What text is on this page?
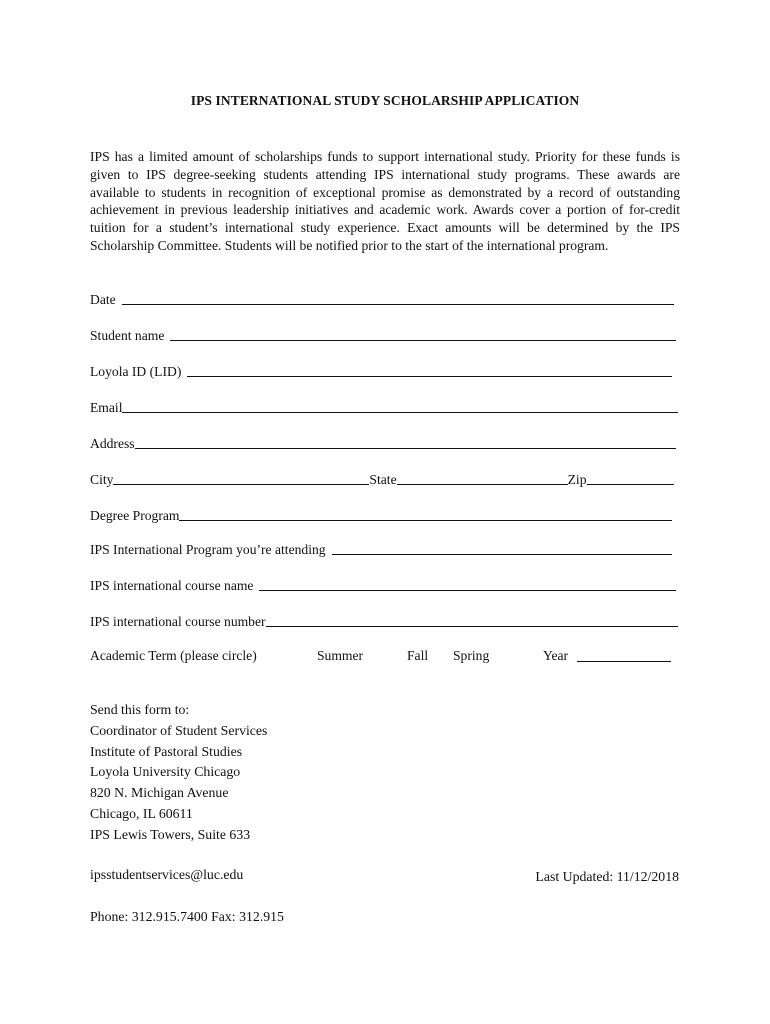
IPS INTERNATIONAL STUDY SCHOLARSHIP APPLICATION

IPS has a limited amount of scholarships funds to support international study. Priority for these funds is given to IPS degree-seeking students attending IPS international study programs. These awards are available to students in recognition of exceptional promise as demonstrated by a record of outstanding achievement in previous leadership initiatives and academic work. Awards cover a portion of for-credit tuition for a student’s international study experience. Exact amounts will be determined by the IPS Scholarship Committee. Students will be notified prior to the start of the international program.

Date
Student name
Loyola ID (LID)
Email
Address
City	State	Zip
Degree Program
IPS International Program you’re attending
IPS international course name
IPS international course number
Academic Term (please circle)	Summer	Fall Spring	Year
Send this form to:
Coordinator of Student Services
Institute of Pastoral Studies
Loyola University Chicago
820 N. Michigan Avenue
Chicago, IL 60611
IPS Lewis Towers, Suite 633
ipsstudentservices@luc.edu	Last Updated: 11/12/2018
Phone: 312.915.7400 Fax: 312.915
